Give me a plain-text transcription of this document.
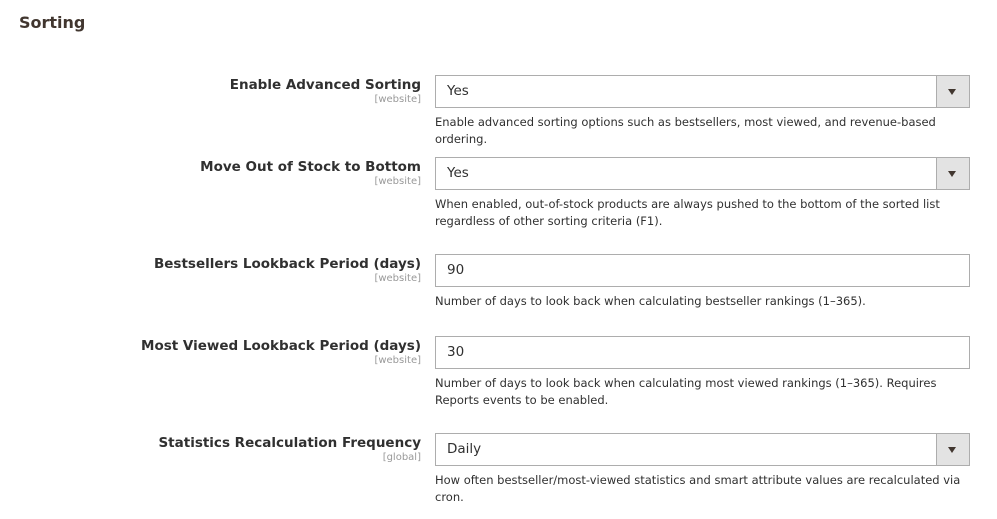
Sorting
Enable Advanced Sorting
[website]
Yes
Enable advanced sorting options such as bestsellers, most viewed, and revenue-based ordering.
Move Out of Stock to Bottom
[website]
Yes
When enabled, out-of-stock products are always pushed to the bottom of the sorted list regardless of other sorting criteria (F1).
Bestsellers Lookback Period (days)
[website]
90
Number of days to look back when calculating bestseller rankings (1–365).
Most Viewed Lookback Period (days)
[website]
30
Number of days to look back when calculating most viewed rankings (1–365). Requires Reports events to be enabled.
Statistics Recalculation Frequency
[global]
Daily
How often bestseller/most-viewed statistics and smart attribute values are recalculated via cron.
